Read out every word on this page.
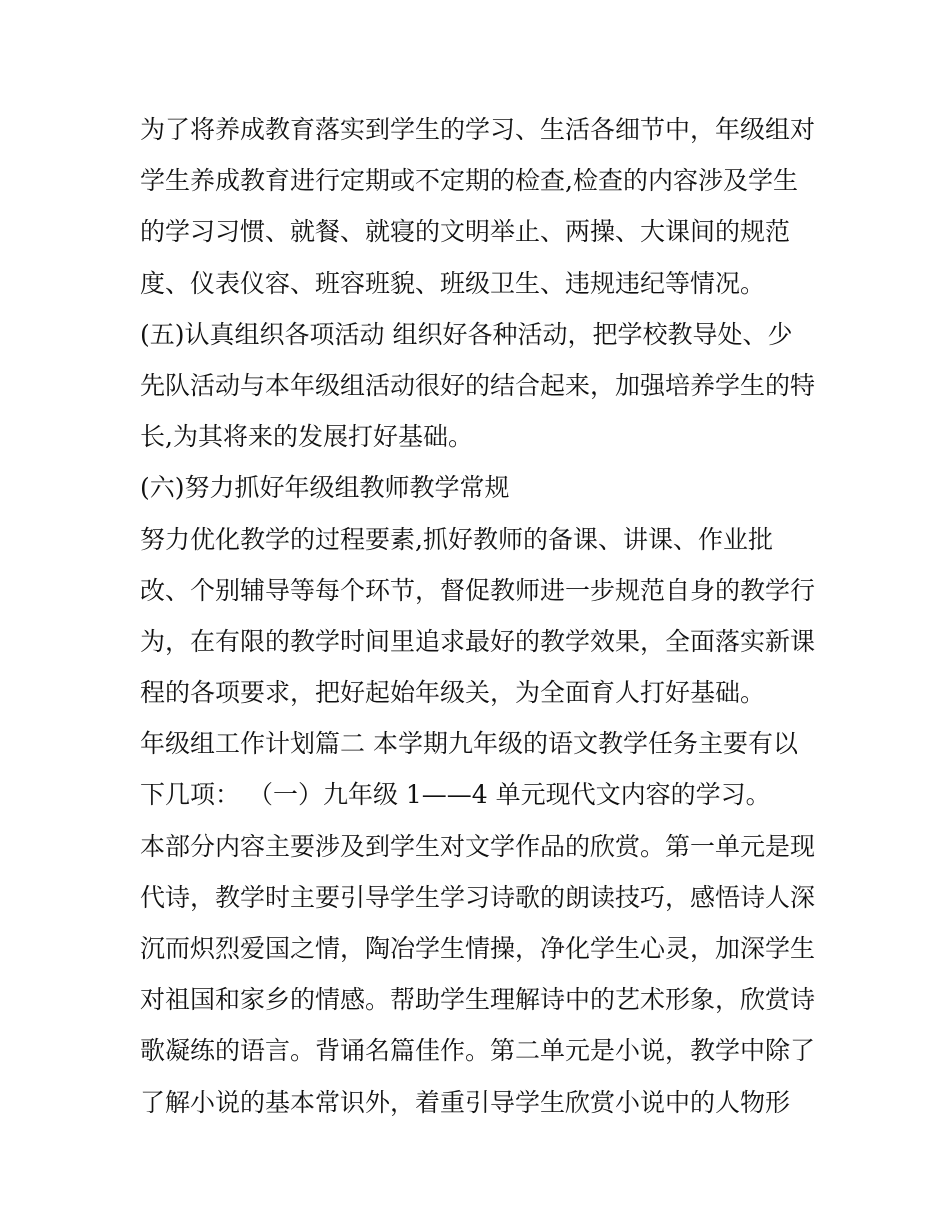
为了将养成教育落实到学生的学习、生活各细节中，年级组对
学生养成教育进行定期或不定期的检查,检查的内容涉及学生
的学习习惯、就餐、就寝的文明举止、两操、大课间的规范
度、仪表仪容、班容班貌、班级卫生、违规违纪等情况。
(五)认真组织各项活动 组织好各种活动，把学校教导处、少
先队活动与本年级组活动很好的结合起来，加强培养学生的特
长,为其将来的发展打好基础。
(六)努力抓好年级组教师教学常规
努力优化教学的过程要素,抓好教师的备课、讲课、作业批
改、个别辅导等每个环节，督促教师进一步规范自身的教学行
为，在有限的教学时间里追求最好的教学效果，全面落实新课
程的各项要求，把好起始年级关，为全面育人打好基础。
年级组工作计划篇二 本学期九年级的语文教学任务主要有以
下几项： （一）九年级 1——4 单元现代文内容的学习。
本部分内容主要涉及到学生对文学作品的欣赏。第一单元是现
代诗，教学时主要引导学生学习诗歌的朗读技巧，感悟诗人深
沉而炽烈爱国之情，陶冶学生情操，净化学生心灵，加深学生
对祖国和家乡的情感。帮助学生理解诗中的艺术形象，欣赏诗
歌凝练的语言。背诵名篇佳作。第二单元是小说，教学中除了
了解小说的基本常识外，着重引导学生欣赏小说中的人物形
